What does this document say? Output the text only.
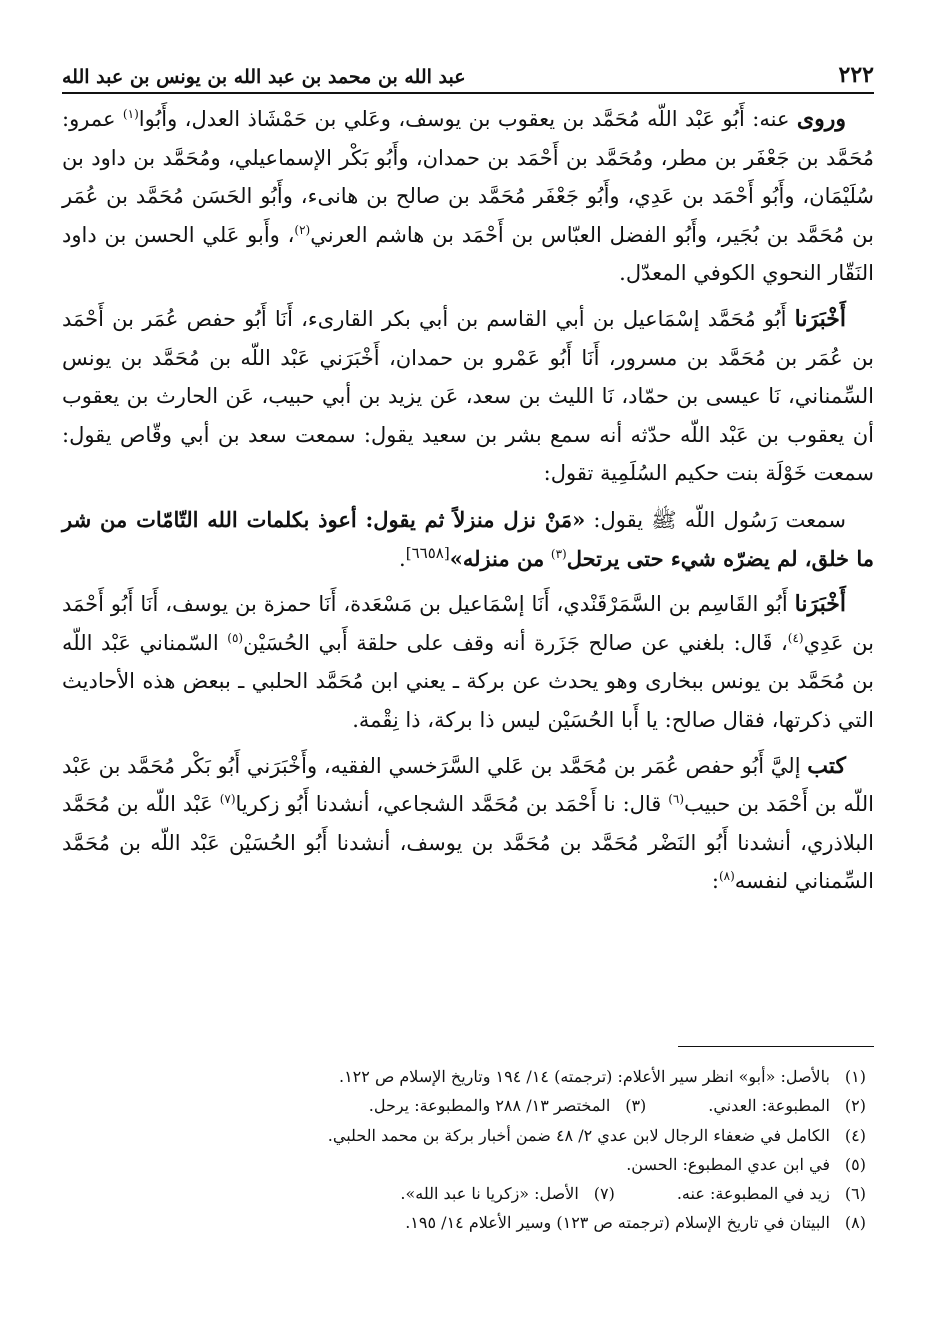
٢٢٢
عبد الله بن محمد بن عبد الله بن يونس بن عبد الله

وروى عنه: أَبُو عَبْد اللّه مُحَمَّد بن يعقوب بن يوسف، وعَلي بن حَمْشَاذ العدل، وأَبُوا$^{(١)}$ عمرو: مُحَمَّد بن جَعْفَر بن مطر، ومُحَمَّد بن أَحْمَد بن حمدان، وأَبُو بَكْر الإسماعيلي، ومُحَمَّد بن داود بن سُلَيْمَان، وأَبُو أَحْمَد بن عَدِي، وأَبُو جَعْفَر مُحَمَّد بن صالح بن هانىء، وأَبُو الحَسَن مُحَمَّد بن عُمَر بن مُحَمَّد بن بُجَير، وأَبُو الفضل العبّاس بن أَحْمَد بن هاشم العرني$^{(٢)}$، وأَبو عَلي الحسن بن داود النَقّار النحوي الكوفي المعدّل.

أَخْبَرَنا أَبُو مُحَمَّد إسْمَاعيل بن أبي القاسم بن أبي بكر القارىء، أَنَا أَبُو حفص عُمَر بن أَحْمَد بن عُمَر بن مُحَمَّد بن مسرور، أَنَا أَبُو عَمْرو بن حمدان، أَخْبَرَني عَبْد اللّه بن مُحَمَّد بن يونس السِّمناني، نَا عيسى بن حمّاد، نَا الليث بن سعد، عَن يزيد بن أبي حبيب، عَن الحارث بن يعقوب أن يعقوب بن عَبْد اللّه حدّثه أنه سمع بشر بن سعيد يقول: سمعت سعد بن أبي وقّاص يقول: سمعت خَوْلَة بنت حكيم السُلَمِية تقول:

سمعت رَسُول اللّه ﷺ يقول: «مَنْ نزل منزلاً ثم يقول: أعوذ بكلمات الله التّامّات من شر ما خلق، لم يضرّه شيء حتى يرتحل$^{(٣)}$ من منزله»[٦٦٥٨].

أَخْبَرَنا أَبُو القَاسِم بن السَّمَرْقَنْدي، أَنَا إسْمَاعيل بن مَسْعَدة، أَنَا حمزة بن يوسف، أَنَا أَبُو أَحْمَد بن عَدِي$^{(٤)}$، قَال: بلغني عن صالح جَزَرة أنه وقف على حلقة أَبي الحُسَيْن$^{(٥)}$ السّمناني عَبْد اللّه بن مُحَمَّد بن يونس ببخارى وهو يحدث عن بركة ـ يعني ابن مُحَمَّد الحلبي ـ ببعض هذه الأحاديث التي ذكرتها، فقال صالح: يا أَبا الحُسَيْن ليس ذا بركة، ذا نِقْمة.

كتب إليَّ أَبُو حفص عُمَر بن مُحَمَّد بن عَلي السَّرَخسي الفقيه، وأَخْبَرَني أَبُو بَكْر مُحَمَّد بن عَبْد اللّه بن أَحْمَد بن حبيب$^{(٦)}$ قال: نا أَحْمَد بن مُحَمَّد الشجاعي، أنشدنا أَبُو زكريا$^{(٧)}$ عَبْد اللّه بن مُحَمَّد البلاذري، أنشدنا أَبُو النَضْر مُحَمَّد بن مُحَمَّد بن يوسف، أنشدنا أَبُو الحُسَيْن عَبْد اللّه بن مُحَمَّد السِّمناني لنفسه$^{(٨)}$:

(١)بالأصل: «أبو» انظر سير الأعلام: (ترجمته) ١٤/ ١٩٤ وتاريخ الإسلام ص ١٢٢.
(٢)المطبوعة: العدني.
(٣)المختصر ١٣/ ٢٨٨ والمطبوعة: يرحل.
(٤)الكامل في ضعفاء الرجال لابن عدي ٢/ ٤٨ ضمن أخبار بركة بن محمد الحلبي.
(٥)في ابن عدي المطبوع: الحسن.
(٦)زيد في المطبوعة: عنه.
(٧)الأصل: «زكريا نا عبد الله».
(٨)البيتان في تاريخ الإسلام (ترجمته ص ١٢٣) وسير الأعلام ١٤/ ١٩٥.
